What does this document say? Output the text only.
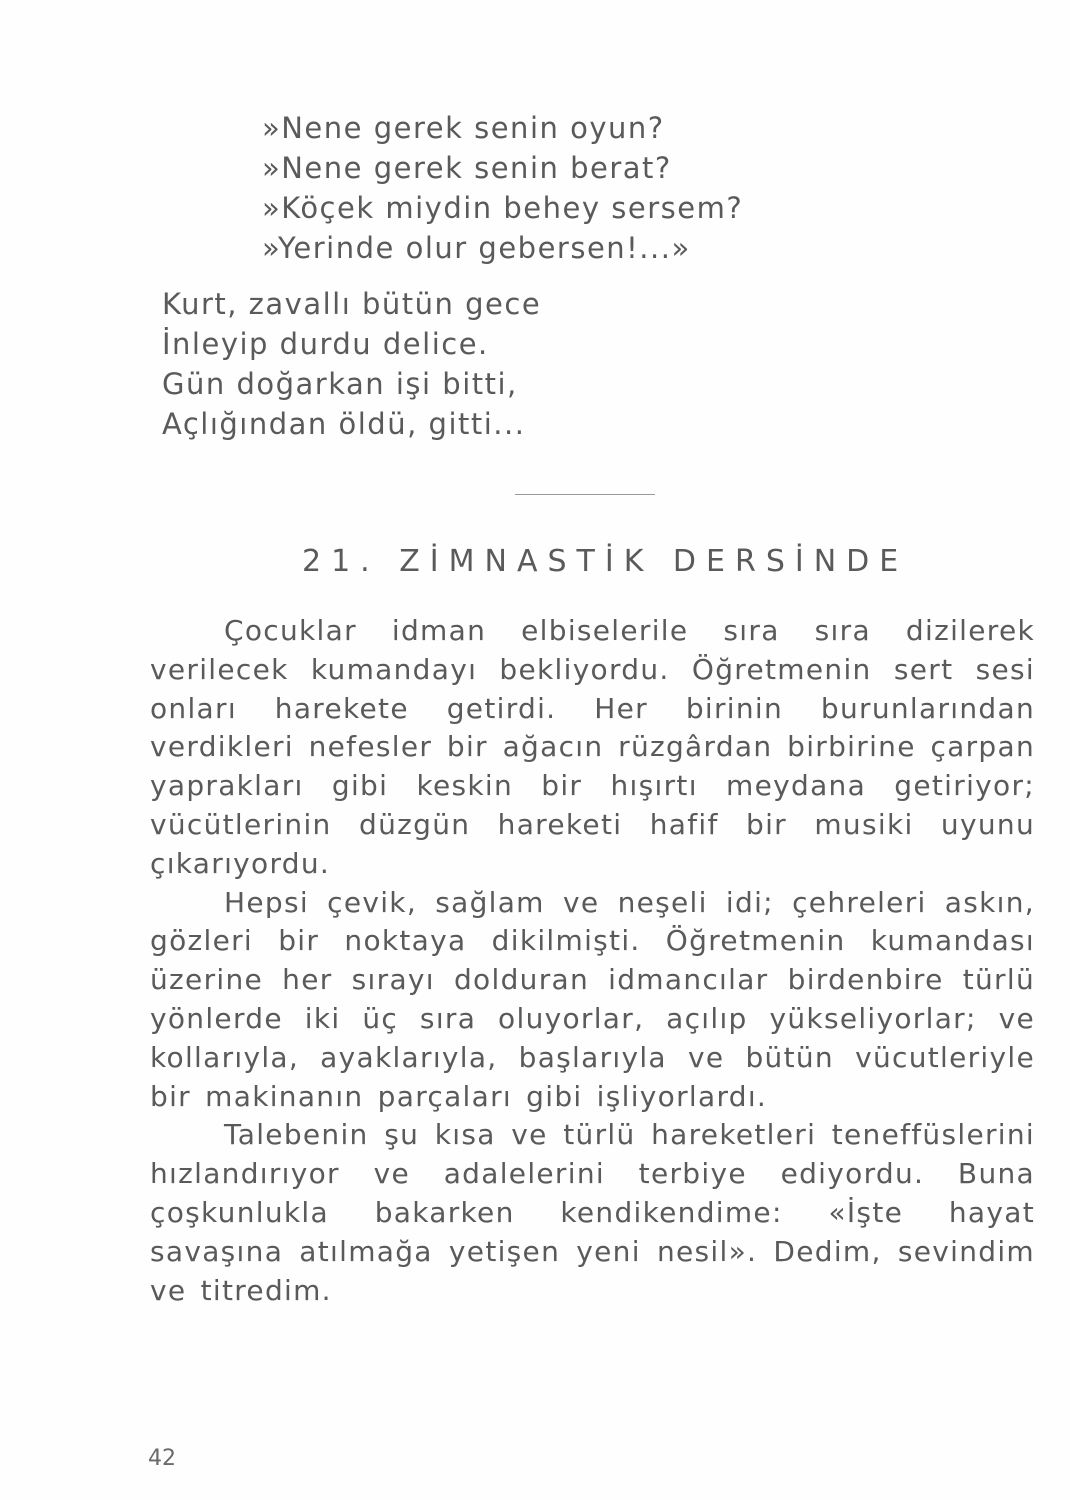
»Nene gerek senin oyun?
»Nene gerek senin berat?
»Köçek miydin behey sersem?
»Yerinde olur gebersen!...»
Kurt, zavallı bütün gece
İnleyip durdu delice.
Gün doğarkan işi bitti,
Açlığından öldü, gitti...
21. ZİMNASTİK DERSİNDE

Çocuklar idman elbiselerile sıra sıra dizilerek verilecek kumandayı bekliyordu. Öğretmenin sert sesi onları harekete getirdi. Her birinin burunlarından verdikleri nefesler bir ağacın rüzgârdan birbirine çarpan yaprakları gibi keskin bir hışırtı meydana getiriyor; vücütlerinin düzgün hareketi hafif bir musiki uyunu çıkarıyordu.

Hepsi çevik, sağlam ve neşeli idi; çehreleri askın, gözleri bir noktaya dikilmişti. Öğretmenin kumandası üzerine her sırayı dolduran idmancılar birdenbire türlü yönlerde iki üç sıra oluyorlar, açılıp yükseliyorlar; ve kollarıyla, ayaklarıyla, başlarıyla ve bütün vücutleriyle bir makinanın parçaları gibi işliyorlardı.

Talebenin şu kısa ve türlü hareketleri teneffüslerini hızlandırıyor ve adalelerini terbiye ediyordu. Buna çoşkunlukla bakarken kendikendime: «İşte hayat savaşına atılmağa yetişen yeni nesil». Dedim, sevindim ve titredim.

42
